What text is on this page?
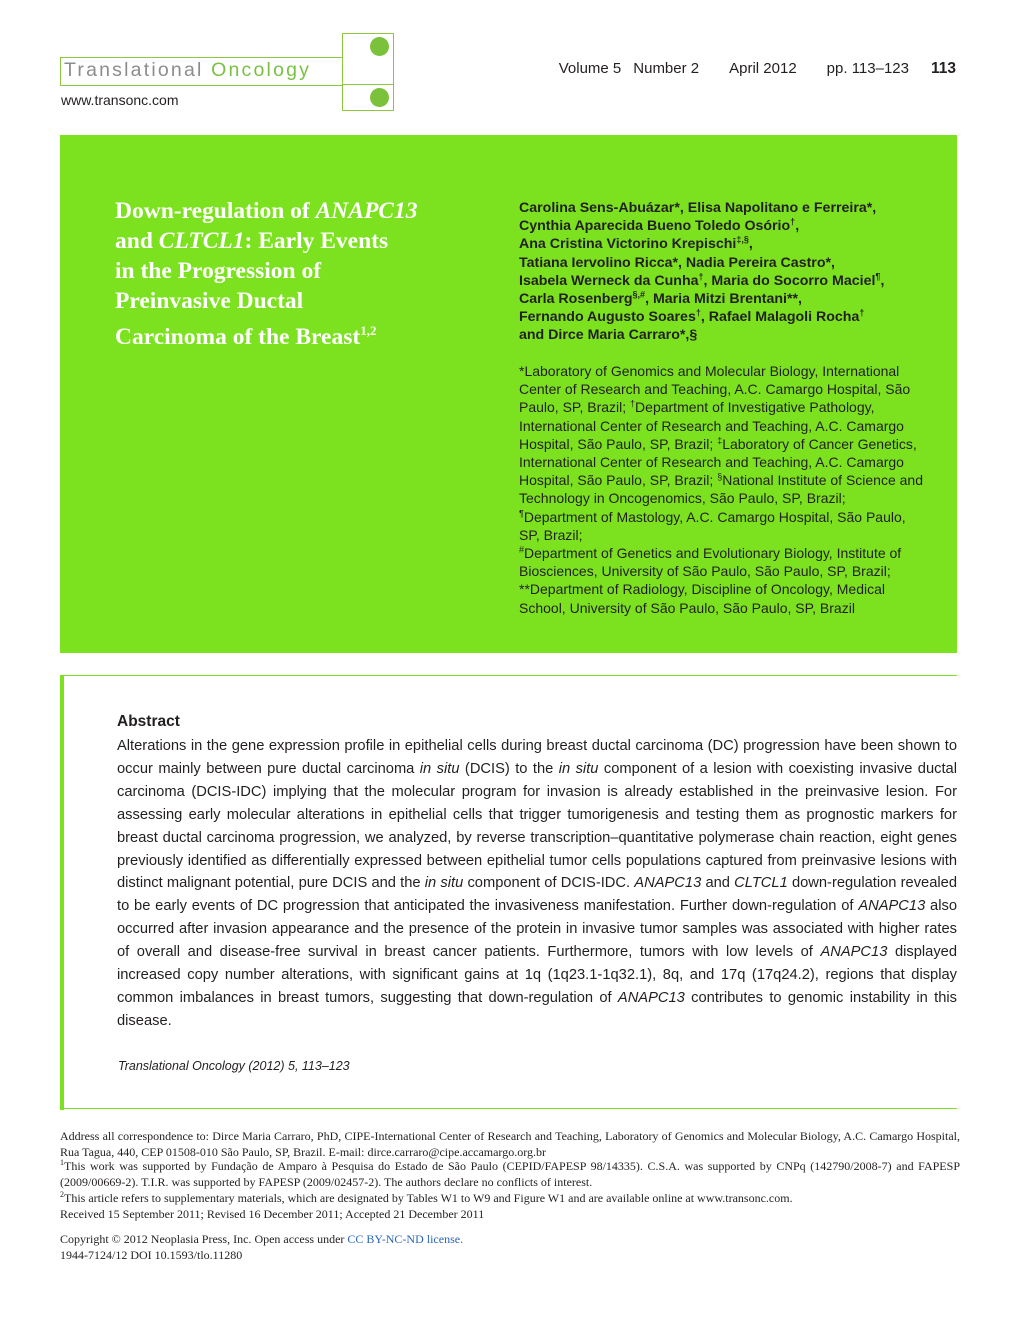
Translational Oncology
www.transonc.com
Volume 5 Number 2 April 2012 pp. 113–123 113
Down-regulation of ANAPC13
and CLTCL1: Early Events
in the Progression of
Preinvasive Ductal
Carcinoma of the Breast$^{1,2}$

Carolina Sens-Abuázar*, Elisa Napolitano e Ferreira*,
Cynthia Aparecida Bueno Toledo Osório†,
Ana Cristina Victorino Krepischi‡,§,
Tatiana Iervolino Ricca*, Nadia Pereira Castro*,
Isabela Werneck da Cunha†, Maria do Socorro Maciel¶,
Carla Rosenberg§,#, Maria Mitzi Brentani**,
Fernando Augusto Soares†, Rafael Malagoli Rocha†
and Dirce Maria Carraro*,§

*Laboratory of Genomics and Molecular Biology, International Center of Research and Teaching, A.C. Camargo Hospital, São Paulo, SP, Brazil; †Department of Investigative Pathology, International Center of Research and Teaching, A.C. Camargo Hospital, São Paulo, SP, Brazil; ‡Laboratory of Cancer Genetics, International Center of Research and Teaching, A.C. Camargo Hospital, São Paulo, SP, Brazil; §National Institute of Science and Technology in Oncogenomics, São Paulo, SP, Brazil; ¶Department of Mastology, A.C. Camargo Hospital, São Paulo, SP, Brazil;
#Department of Genetics and Evolutionary Biology, Institute of Biosciences, University of São Paulo, São Paulo, SP, Brazil; **Department of Radiology, Discipline of Oncology, Medical School, University of São Paulo, São Paulo, SP, Brazil

Abstract

Alterations in the gene expression profile in epithelial cells during breast ductal carcinoma (DC) progression have been shown to occur mainly between pure ductal carcinoma in situ (DCIS) to the in situ component of a lesion with coexisting invasive ductal carcinoma (DCIS-IDC) implying that the molecular program for invasion is already established in the preinvasive lesion. For assessing early molecular alterations in epithelial cells that trigger tumorigenesis and testing them as prognostic markers for breast ductal carcinoma progression, we analyzed, by reverse transcription–quantitative polymerase chain reaction, eight genes previously identified as differentially expressed between epithelial tumor cells populations captured from preinvasive lesions with distinct malignant potential, pure DCIS and the in situ component of DCIS-IDC. ANAPC13 and CLTCL1 down-regulation revealed to be early events of DC progression that anticipated the invasiveness manifestation. Further down-regulation of ANAPC13 also occurred after invasion appearance and the presence of the protein in invasive tumor samples was associated with higher rates of overall and disease-free survival in breast cancer patients. Furthermore, tumors with low levels of ANAPC13 displayed increased copy number alterations, with significant gains at 1q (1q23.1-1q32.1), 8q, and 17q (17q24.2), regions that display common imbalances in breast tumors, suggesting that down-regulation of ANAPC13 contributes to genomic instability in this disease.

Translational Oncology (2012) 5, 113–123

Address all correspondence to: Dirce Maria Carraro, PhD, CIPE-International Center of Research and Teaching, Laboratory of Genomics and Molecular Biology, A.C. Camargo Hospital, Rua Tagua, 440, CEP 01508-010 São Paulo, SP, Brazil. E-mail: dirce.carraro@cipe.accamargo.org.br

$^1$This work was supported by Fundação de Amparo à Pesquisa do Estado de São Paulo (CEPID/FAPESP 98/14335). C.S.A. was supported by CNPq (142790/2008-7) and FAPESP (2009/00669-2). T.I.R. was supported by FAPESP (2009/02457-2). The authors declare no conflicts of interest.

$^2$This article refers to supplementary materials, which are designated by Tables W1 to W9 and Figure W1 and are available online at www.transonc.com.

Received 15 September 2011; Revised 16 December 2011; Accepted 21 December 2011

Copyright © 2012 Neoplasia Press, Inc. Open access under CC BY-NC-ND license.

1944-7124/12 DOI 10.1593/tlo.11280
